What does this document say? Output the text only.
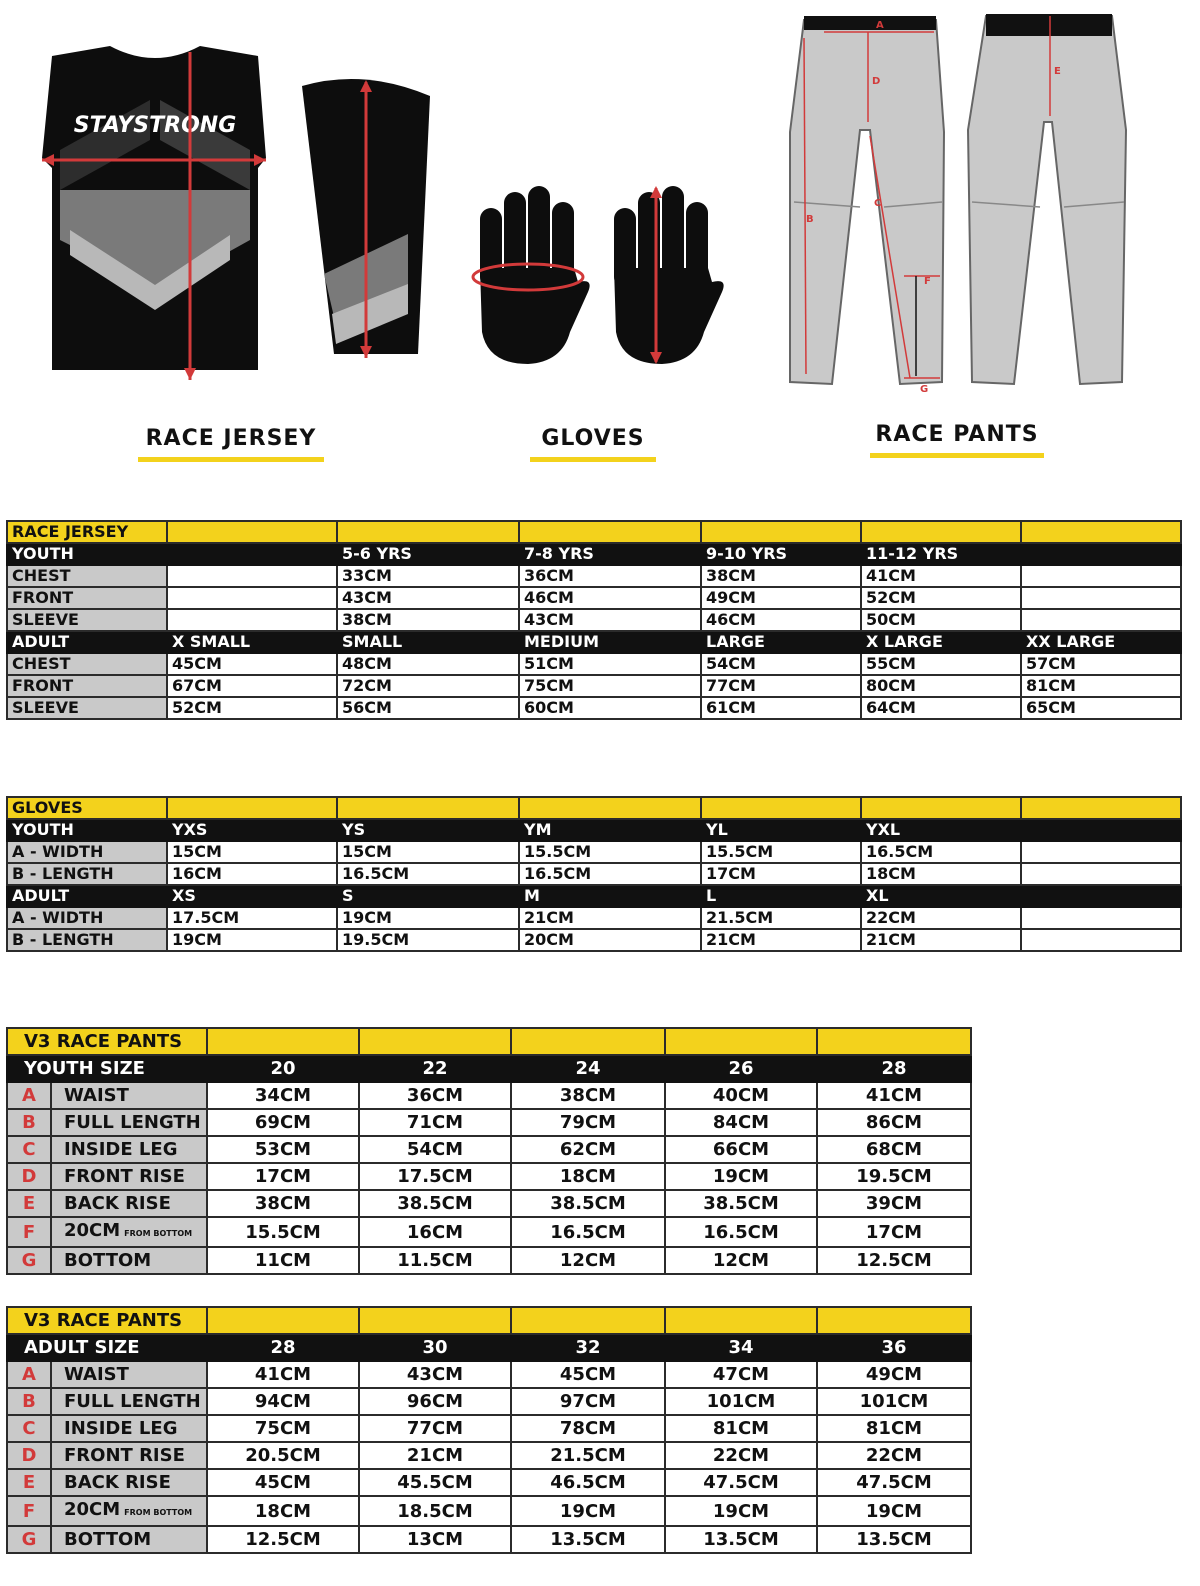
STAYSTRONG
A
B
C
D
F
G
E
RACE JERSEY	GLOVES	RACE PANTS
RACE JERSEY						
YOUTH		5-6 YRS	7-8 YRS	9-10 YRS	11-12 YRS	
CHEST		33CM	36CM	38CM	41CM	
FRONT		43CM	46CM	49CM	52CM	
SLEEVE		38CM	43CM	46CM	50CM	
ADULT	X SMALL	SMALL	MEDIUM	LARGE	X LARGE	XX LARGE
CHEST	45CM	48CM	51CM	54CM	55CM	57CM
FRONT	67CM	72CM	75CM	77CM	80CM	81CM
SLEEVE	52CM	56CM	60CM	61CM	64CM	65CM
GLOVES						
YOUTH	YXS	YS	YM	YL	YXL	
A - WIDTH	15CM	15CM	15.5CM	15.5CM	16.5CM	
B - LENGTH	16CM	16.5CM	16.5CM	17CM	18CM	
ADULT	XS	S	M	L	XL	
A - WIDTH	17.5CM	19CM	21CM	21.5CM	22CM	
B - LENGTH	19CM	19.5CM	20CM	21CM	21CM	
V3 RACE PANTS						
YOUTH SIZE		20	22	24	26	28
A	WAIST	34CM	36CM	38CM	40CM	41CM
B	FULL LENGTH	69CM	71CM	79CM	84CM	86CM
C	INSIDE LEG	53CM	54CM	62CM	66CM	68CM
D	FRONT RISE	17CM	17.5CM	18CM	19CM	19.5CM
E	BACK RISE	38CM	38.5CM	38.5CM	38.5CM	39CM
F	20CM FROM BOTTOM	15.5CM	16CM	16.5CM	16.5CM	17CM
G	BOTTOM	11CM	11.5CM	12CM	12CM	12.5CM
V3 RACE PANTS						
ADULT SIZE		28	30	32	34	36
A	WAIST	41CM	43CM	45CM	47CM	49CM
B	FULL LENGTH	94CM	96CM	97CM	101CM	101CM
C	INSIDE LEG	75CM	77CM	78CM	81CM	81CM
D	FRONT RISE	20.5CM	21CM	21.5CM	22CM	22CM
E	BACK RISE	45CM	45.5CM	46.5CM	47.5CM	47.5CM
F	20CM FROM BOTTOM	18CM	18.5CM	19CM	19CM	19CM
G	BOTTOM	12.5CM	13CM	13.5CM	13.5CM	13.5CM
